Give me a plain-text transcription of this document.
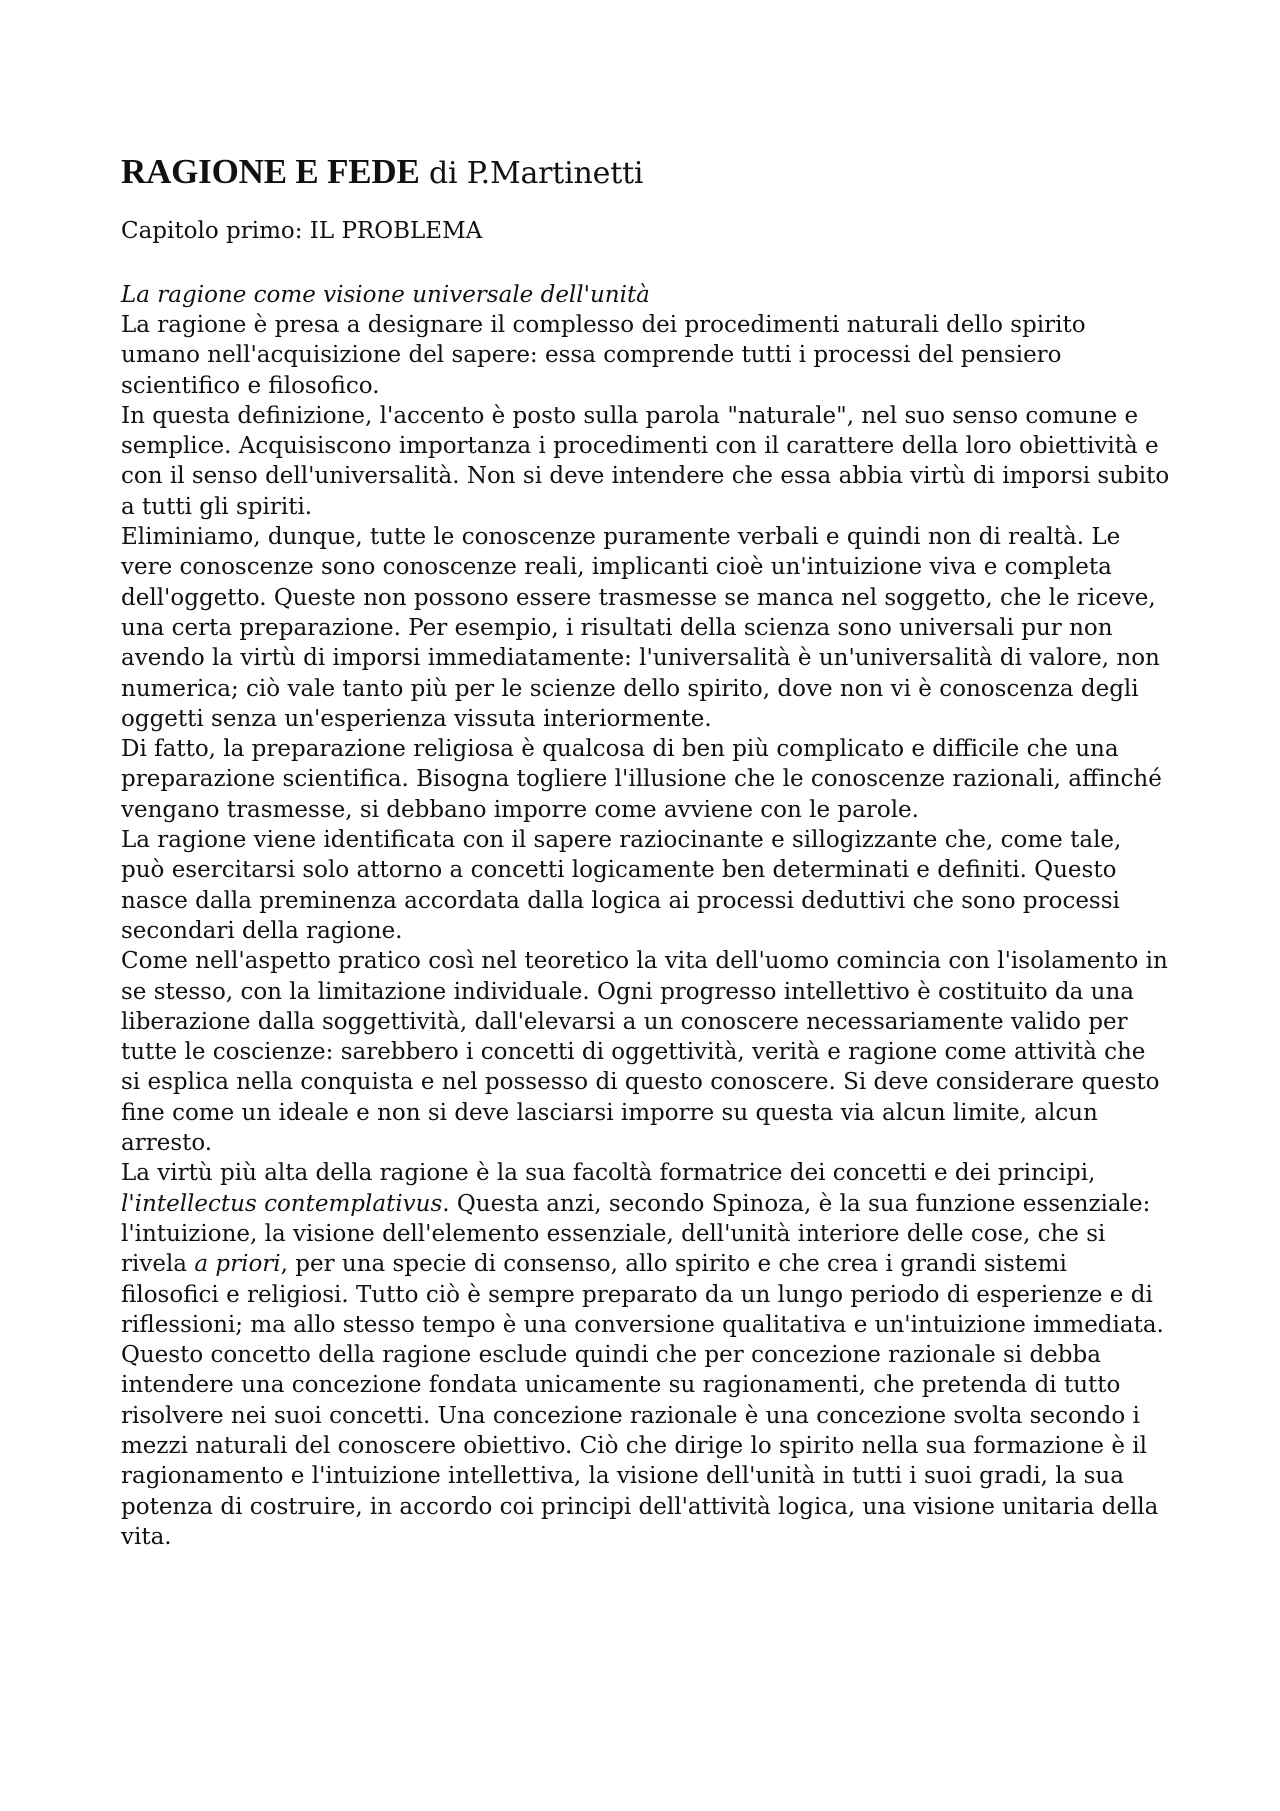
RAGIONE E FEDE di P.Martinetti
Capitolo primo: IL PROBLEMA
La ragione come visione universale dell'unità

La ragione è presa a designare il complesso dei procedimenti naturali dello spirito umano nell'acquisizione del sapere: essa comprende tutti i processi del pensiero scientifico e filosofico.

In questa definizione, l'accento è posto sulla parola "naturale", nel suo senso comune e semplice. Acquisiscono importanza i procedimenti con il carattere della loro obiettività e con il senso dell'universalità. Non si deve intendere che essa abbia virtù di imporsi subito a tutti gli spiriti.

Eliminiamo, dunque, tutte le conoscenze puramente verbali e quindi non di realtà. Le vere conoscenze sono conoscenze reali, implicanti cioè un'intuizione viva e completa dell'oggetto. Queste non possono essere trasmesse se manca nel soggetto, che le riceve, una certa preparazione. Per esempio, i risultati della scienza sono universali pur non avendo la virtù di imporsi immediatamente: l'universalità è un'universalità di valore, non numerica; ciò vale tanto più per le scienze dello spirito, dove non vi è conoscenza degli oggetti senza un'esperienza vissuta interiormente.

Di fatto, la preparazione religiosa è qualcosa di ben più complicato e difficile che una preparazione scientifica. Bisogna togliere l'illusione che le conoscenze razionali, affinché vengano trasmesse, si debbano imporre come avviene con le parole.

La ragione viene identificata con il sapere raziocinante e sillogizzante che, come tale, può esercitarsi solo attorno a concetti logicamente ben determinati e definiti. Questo nasce dalla preminenza accordata dalla logica ai processi deduttivi che sono processi secondari della ragione.

Come nell'aspetto pratico così nel teoretico la vita dell'uomo comincia con l'isolamento in se stesso, con la limitazione individuale. Ogni progresso intellettivo è costituito da una liberazione dalla soggettività, dall'elevarsi a un conoscere necessariamente valido per tutte le coscienze: sarebbero i concetti di oggettività, verità e ragione come attività che si esplica nella conquista e nel possesso di questo conoscere. Si deve considerare questo fine come un ideale e non si deve lasciarsi imporre su questa via alcun limite, alcun arresto.

La virtù più alta della ragione è la sua facoltà formatrice dei concetti e dei principi, l'intellectus contemplativus. Questa anzi, secondo Spinoza, è la sua funzione essenziale: l'intuizione, la visione dell'elemento essenziale, dell'unità interiore delle cose, che si rivela a priori, per una specie di consenso, allo spirito e che crea i grandi sistemi filosofici e religiosi. Tutto ciò è sempre preparato da un lungo periodo di esperienze e di riflessioni; ma allo stesso tempo è una conversione qualitativa e un'intuizione immediata.

Questo concetto della ragione esclude quindi che per concezione razionale si debba intendere una concezione fondata unicamente su ragionamenti, che pretenda di tutto risolvere nei suoi concetti. Una concezione razionale è una concezione svolta secondo i mezzi naturali del conoscere obiettivo. Ciò che dirige lo spirito nella sua formazione è il ragionamento e l'intuizione intellettiva, la visione dell'unità in tutti i suoi gradi, la sua potenza di costruire, in accordo coi principi dell'attività logica, una visione unitaria della vita.
